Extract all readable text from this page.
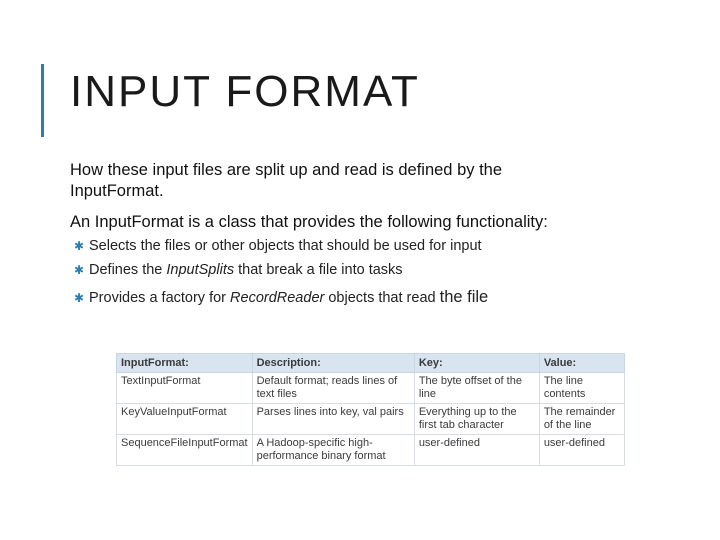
INPUT FORMAT

How these input files are split up and read is defined by the InputFormat.

An InputFormat is a class that provides the following functionality:

✱ Selects the files or other objects that should be used for input
✱ Defines the InputSplits that break a file into tasks
✱ Provides a factory for RecordReader objects that read the file
InputFormat:	Description:	Key:	Value:
TextInputFormat	Default format; reads lines of text files	The byte offset of the line	The line contents
KeyValueInputFormat	Parses lines into key, val pairs	Everything up to the first tab character	The remainder of the line
SequenceFileInputFormat	A Hadoop-specific high-performance binary format	user-defined	user-defined
